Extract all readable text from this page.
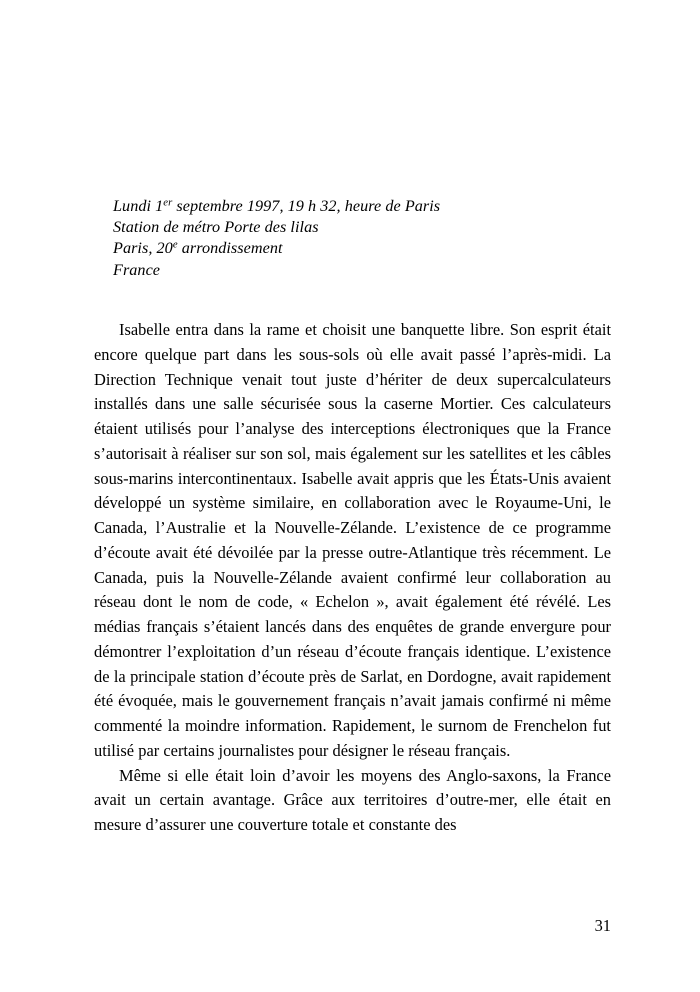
Lundi 1er septembre 1997, 19 h 32, heure de Paris
Station de métro Porte des lilas
Paris, 20e arrondissement
France

Isabelle entra dans la rame et choisit une banquette libre. Son esprit était encore quelque part dans les sous-sols où elle avait passé l’après-midi. La Direction Technique venait tout juste d’hériter de deux supercalculateurs installés dans une salle sécurisée sous la caserne Mortier. Ces calculateurs étaient utilisés pour l’analyse des interceptions électroniques que la France s’autorisait à réaliser sur son sol, mais également sur les satellites et les câbles sous-marins intercontinentaux. Isabelle avait appris que les États-Unis avaient développé un système similaire, en collaboration avec le Royaume-Uni, le Canada, l’Australie et la Nouvelle-Zélande. L’existence de ce programme d’écoute avait été dévoilée par la presse outre-Atlantique très récemment. Le Canada, puis la Nouvelle-Zélande avaient confirmé leur collaboration au réseau dont le nom de code, « Echelon », avait également été révélé. Les médias français s’étaient lancés dans des enquêtes de grande envergure pour démontrer l’exploitation d’un réseau d’écoute français identique. L’existence de la principale station d’écoute près de Sarlat, en Dordogne, avait rapidement été évoquée, mais le gouvernement français n’avait jamais confirmé ni même commenté la moindre information. Rapidement, le surnom de Frenchelon fut utilisé par certains journalistes pour désigner le réseau français.

Même si elle était loin d’avoir les moyens des Anglo-saxons, la France avait un certain avantage. Grâce aux territoires d’outre-mer, elle était en mesure d’assurer une couverture totale et constante des

31
